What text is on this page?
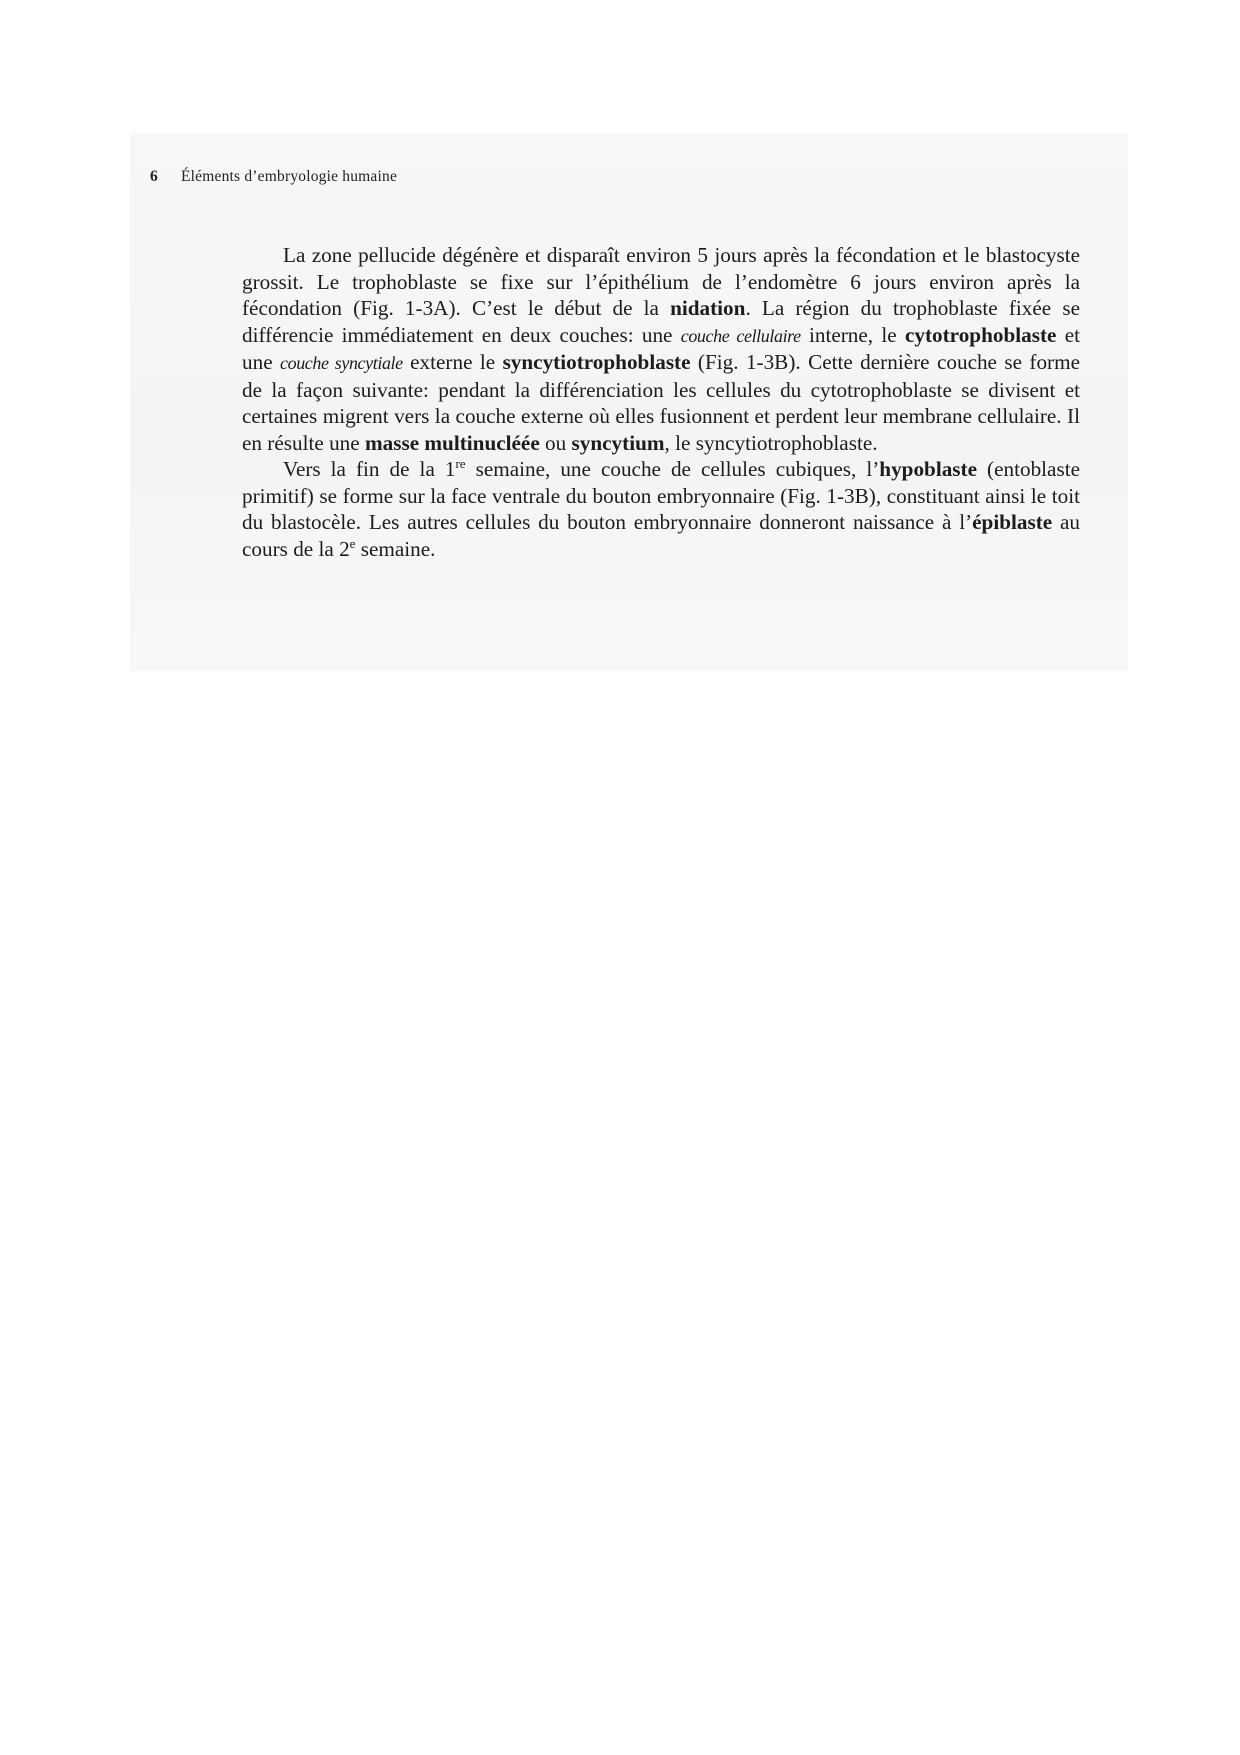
6 Éléments d’embryologie humaine

La zone pellucide dégénère et disparaît environ 5 jours après la fécondation et le blastocyste grossit. Le trophoblaste se fixe sur l’épithélium de l’endomètre 6 jours environ après la fécondation (Fig. 1-3A). C’est le début de la nidation. La région du trophoblaste fixée se différencie immédiatement en deux couches: une couche cellulaire interne, le cytotrophoblaste et une couche syncytiale externe le syncytiotrophoblaste (Fig. 1-3B). Cette dernière couche se forme de la façon suivante: pendant la différenciation les cellules du cytotrophoblaste se divisent et certaines migrent vers la couche externe où elles fusionnent et perdent leur membrane cellulaire. Il en résulte une masse multinucléée ou syncytium, le syncytiotrophoblaste.

Vers la fin de la 1re semaine, une couche de cellules cubiques, l’hypoblaste (entoblaste primitif) se forme sur la face ventrale du bouton embryonnaire (Fig. 1-3B), constituant ainsi le toit du blastocèle. Les autres cellules du bouton embryonnaire donneront naissance à l’épiblaste au cours de la 2e semaine.
